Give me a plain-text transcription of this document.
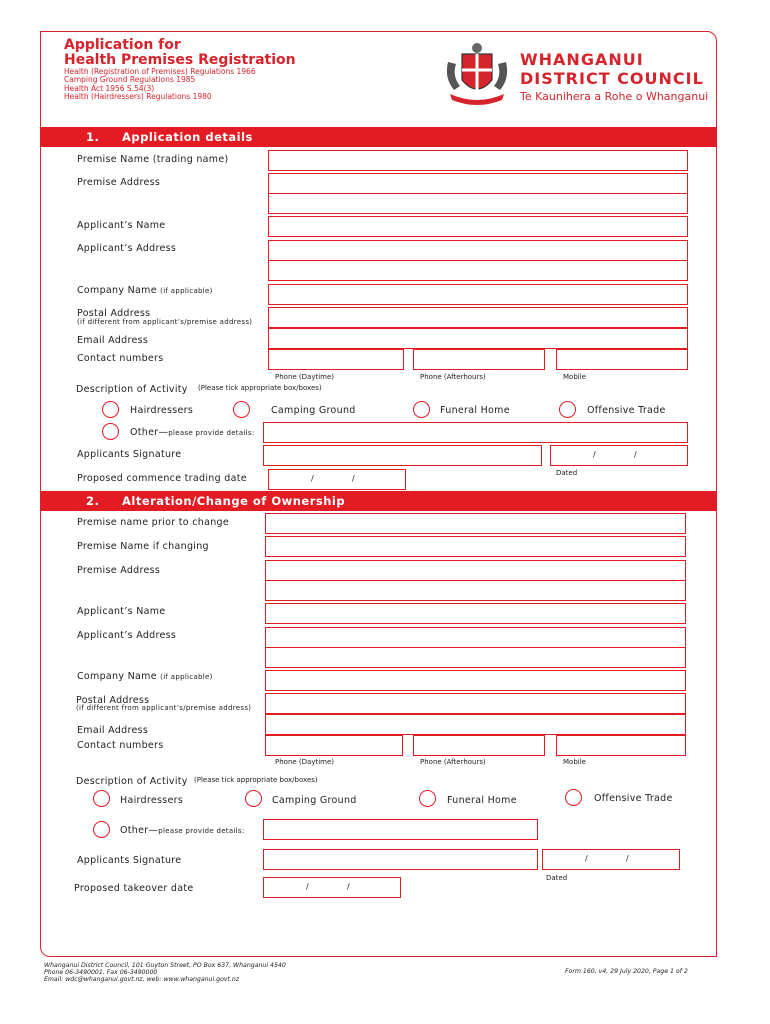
Application for
Health Premises Registration
Health (Registration of Premises) Regulations 1966
Camping Ground Regulations 1985
Health Act 1956 S.54(3)
Health (Hairdressers) Regulations 1980
WHANGANUI
DISTRICT COUNCIL
Te Kaunihera a Rohe o Whanganui
1. Application details
Premise Name (trading name)
Premise Address
Applicant’s Name
Applicant’s Address
Company Name (if applicable)
Postal Address
(if different from applicant’s/premise address)
Email Address
Contact numbers
Phone (Daytime)	Phone (Afterhours)	Mobile
Description of Activity (Please tick appropriate box/boxes)
Hairdressers	Camping Ground	Funeral Home	Offensive Trade
Other—please provide details:
Applicants Signature	/	/
Dated
Proposed commence trading date	/	/
2. Alteration/Change of Ownership
Premise name prior to change
Premise Name if changing
Premise Address
Applicant’s Name
Applicant’s Address
Company Name (if applicable)
Postal Address
(if different from applicant’s/premise address)
Email Address
Contact numbers
Phone (Daytime)	Phone (Afterhours)	Mobile
Description of Activity (Please tick appropriate box/boxes)
Hairdressers	Camping Ground	Funeral Home	Offensive Trade
Other—please provide details:
Applicants Signature	/	/
Dated
Proposed takeover date	/	/
Whanganui District Council, 101 Guyton Street, PO Box 637, Whanganui 4540
Phone 06-3490001, Fax 06-3490000
Email: wdc@whanganui.govt.nz, web: www.whanganui.govt.nz
Form 160, v4, 29 July 2020, Page 1 of 2
